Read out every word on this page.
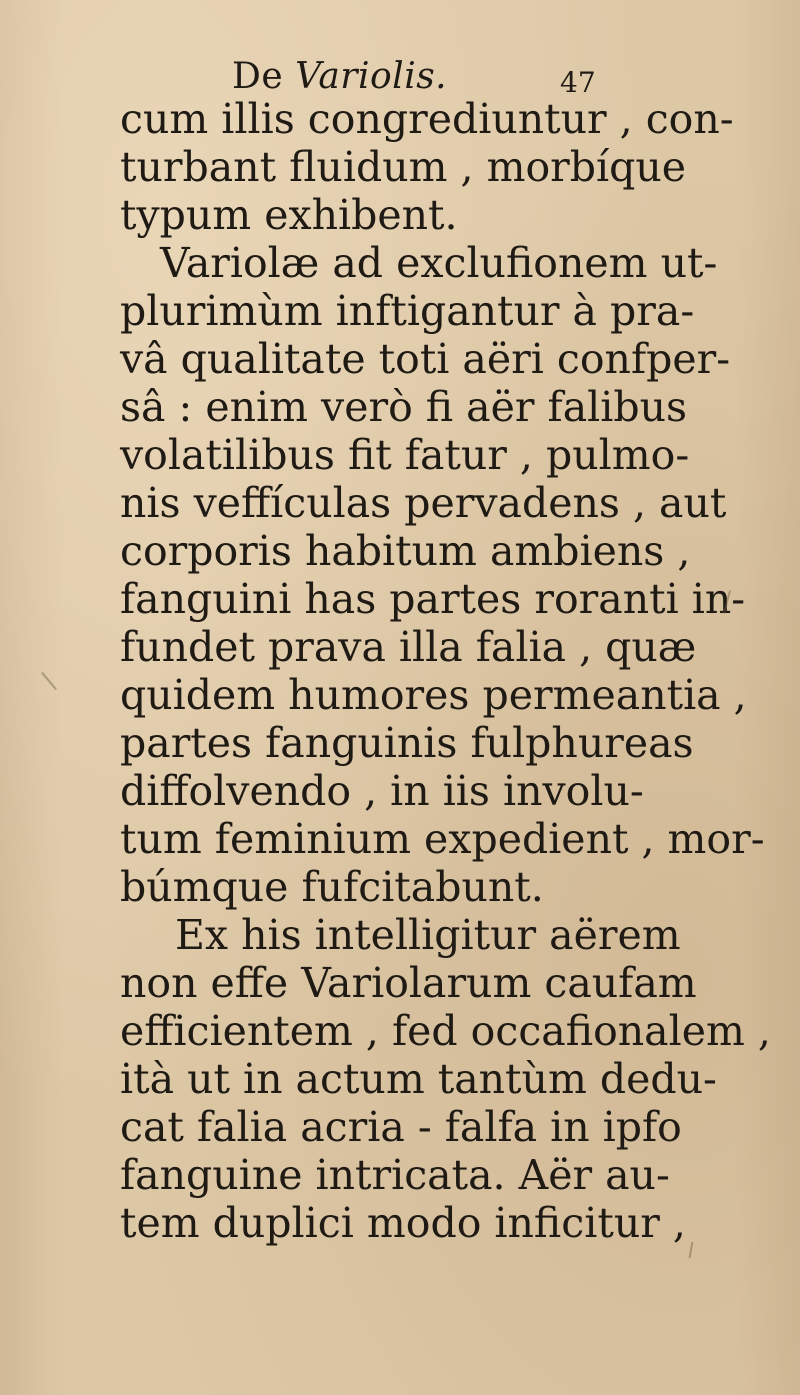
De Variolis.	47
cum illis congrediuntur , con-
turbant fluidum , morbíque
typum exhibent.
Variolæ ad exclufionem ut-
plurimùm inftigantur à pra-
vâ qualitate toti aëri confper-
sâ : enim verò fi aër falibus
volatilibus fit fatur , pulmo-
nis veffículas pervadens , aut
corporis habitum ambiens ,
fanguini has partes roranti in-
fundet prava illa falia , quæ
quidem humores permeantia ,
partes fanguinis fulphureas
diffolvendo , in iis involu-
tum feminium expedient , mor-
búmque fufcitabunt.
Ex his intelligitur aërem
non effe Variolarum caufam
efficientem , fed occafionalem ,
ità ut in actum tantùm dedu-
cat falia acria - falfa in ipfo
fanguine intricata. Aër au-
tem duplici modo inficitur ,
